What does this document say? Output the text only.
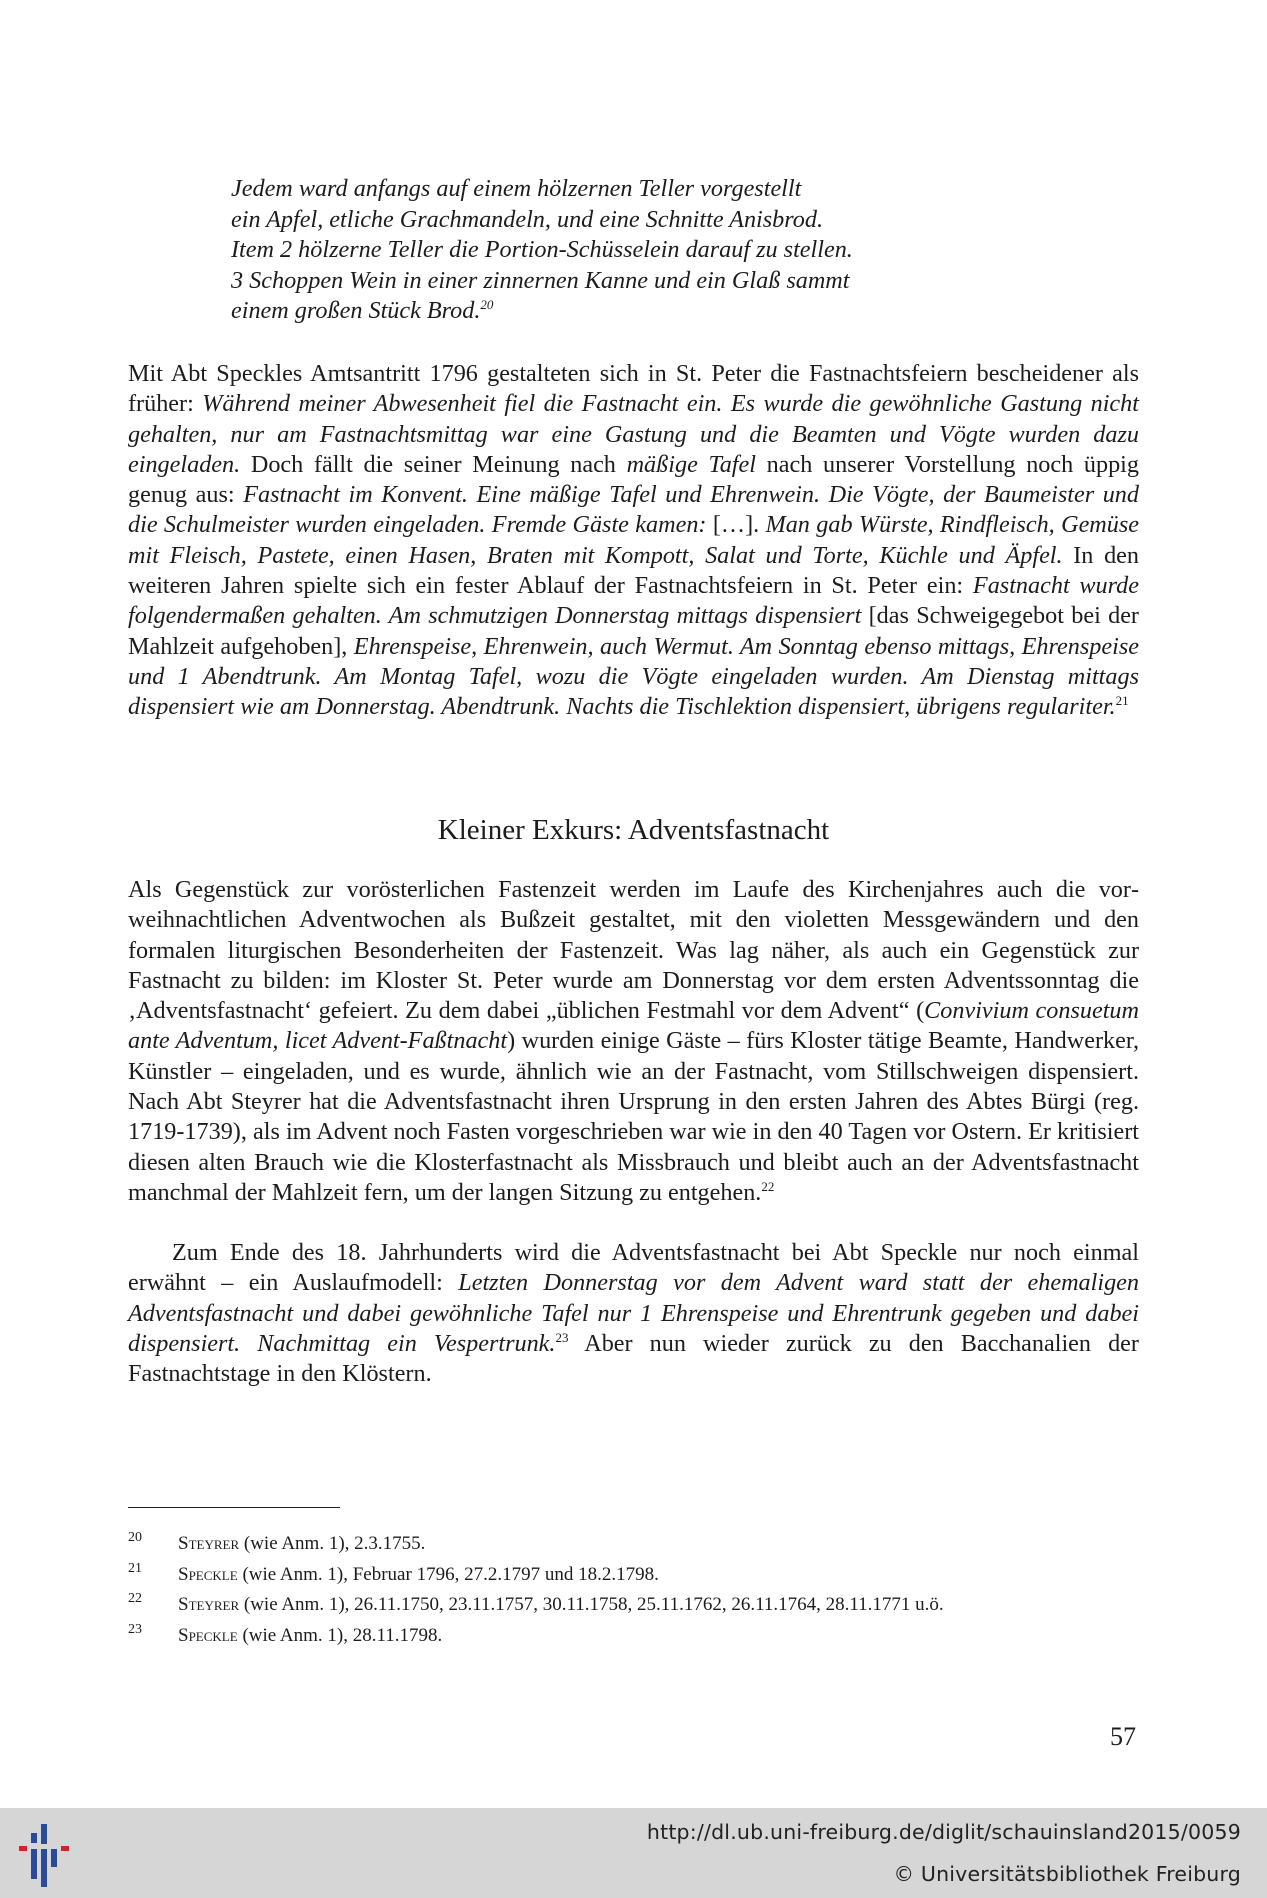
Jedem ward anfangs auf einem hölzernen Teller vorgestellt
ein Apfel, etliche Grachmandeln, und eine Schnitte Anisbrod.
Item 2 hölzerne Teller die Portion-Schüsselein darauf zu stellen.
3 Schoppen Wein in einer zinnernen Kanne und ein Glaß sammt
einem großen Stück Brod.$^{20}$
Mit Abt Speckles Amtsantritt 1796 gestalteten sich in St. Peter die Fastnachtsfeiern bescheidener als früher: Während meiner Abwesenheit fiel die Fastnacht ein. Es wurde die gewöhnliche Gastung nicht gehalten, nur am Fastnachtsmittag war eine Gastung und die Beamten und Vögte wurden dazu eingeladen. Doch fällt die seiner Meinung nach mäßige Tafel nach unserer Vorstellung noch üppig genug aus: Fastnacht im Konvent. Eine mäßige Tafel und Ehrenwein. Die Vögte, der Baumeister und die Schulmeister wurden eingeladen. Fremde Gäste kamen: […]. Man gab Würste, Rindfleisch, Gemüse mit Fleisch, Pastete, einen Hasen, Braten mit Kompott, Salat und Torte, Küchle und Äpfel. In den weiteren Jahren spielte sich ein fester Ablauf der Fastnachtsfeiern in St. Peter ein: Fastnacht wurde folgendermaßen gehalten. Am schmutzigen Donnerstag mittags dispensiert [das Schweigegebot bei der Mahlzeit aufgehoben], Ehrenspeise, Ehrenwein, auch Wermut. Am Sonntag ebenso mittags, Ehrenspeise und 1 Abendtrunk. Am Montag Tafel, wozu die Vögte eingeladen wurden. Am Dienstag mittags dispensiert wie am Donnerstag. Abendtrunk. Nachts die Tischlektion dispensiert, übrigens regulariter.$^{21}$
Kleiner Exkurs: Adventsfastnacht
Als Gegenstück zur vorösterlichen Fastenzeit werden im Laufe des Kirchenjahres auch die vorweihnachtlichen Adventwochen als Bußzeit gestaltet, mit den violetten Messgewändern und den formalen liturgischen Besonderheiten der Fastenzeit. Was lag näher, als auch ein Gegenstück zur Fastnacht zu bilden: im Kloster St. Peter wurde am Donnerstag vor dem ersten Adventssonntag die ‚Adventsfastnacht‘ gefeiert. Zu dem dabei „üblichen Festmahl vor dem Advent“ (Convivium consuetum ante Adventum, licet Advent-Faßtnacht) wurden einige Gäste – fürs Kloster tätige Beamte, Handwerker, Künstler – eingeladen, und es wurde, ähnlich wie an der Fastnacht, vom Stillschweigen dispensiert. Nach Abt Steyrer hat die Adventsfastnacht ihren Ursprung in den ersten Jahren des Abtes Bürgi (reg. 1719-1739), als im Advent noch Fasten vorgeschrieben war wie in den 40 Tagen vor Ostern. Er kritisiert diesen alten Brauch wie die Klosterfastnacht als Missbrauch und bleibt auch an der Adventsfastnacht manchmal der Mahlzeit fern, um der langen Sitzung zu entgehen.$^{22}$
Zum Ende des 18. Jahrhunderts wird die Adventsfastnacht bei Abt Speckle nur noch einmal erwähnt – ein Auslaufmodell: Letzten Donnerstag vor dem Advent ward statt der ehemaligen Adventsfastnacht und dabei gewöhnliche Tafel nur 1 Ehrenspeise und Ehrentrunk gegeben und dabei dispensiert. Nachmittag ein Vespertrunk.$^{23}$ Aber nun wieder zurück zu den Bacchanalien der Fastnachtstage in den Klöstern.
20 Steyrer (wie Anm. 1), 2.3.1755.
21 Speckle (wie Anm. 1), Februar 1796, 27.2.1797 und 18.2.1798.
22 Steyrer (wie Anm. 1), 26.11.1750, 23.11.1757, 30.11.1758, 25.11.1762, 26.11.1764, 28.11.1771 u.ö.
23 Speckle (wie Anm. 1), 28.11.1798.
57
http://dl.ub.uni-freiburg.de/diglit/schauinsland2015/0059
© Universitätsbibliothek Freiburg
